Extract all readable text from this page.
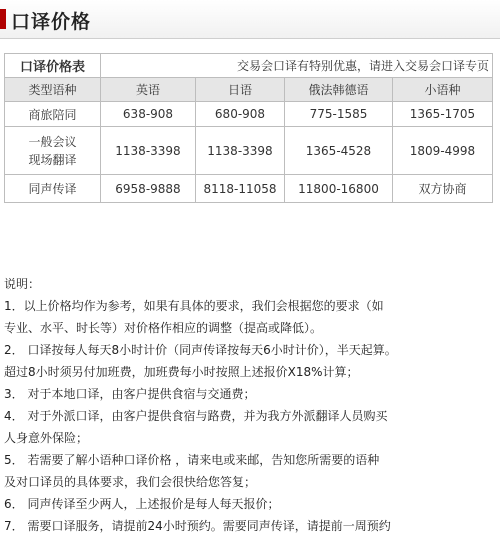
口译价格
口译价格表	交易会口译有特别优惠，请进入交易会口译专页			
类型语种	英语	日语	俄法韩德语	小语种
商旅陪同	638-908	680-908	775-1585	1365-1705

一般会议
现场翻译	1138-3398	1138-3398	1365-4528	1809-4998
同声传译	6958-9888	8118-11058	11800-16800	双方协商

说明：

1．以上价格均作为参考，如果有具体的要求，我们会根据您的要求（如

专业、水平、时长等）对价格作相应的调整（提高或降低）。

2． 口译按每人每天8小时计价（同声传译按每天6小时计价），半天起算。

超过8小时须另付加班费，加班费每小时按照上述报价X18%计算；

3． 对于本地口译，由客户提供食宿与交通费；

4． 对于外派口译，由客户提供食宿与路费，并为我方外派翻译人员购买

人身意外保险；

5． 若需要了解小语种口译价格 ，请来电或来邮，告知您所需要的语种

及对口译员的具体要求，我们会很快给您答复；

6． 同声传译至少两人，上述报价是每人每天报价；

7． 需要口译服务，请提前24小时预约。需要同声传译，请提前一周预约
